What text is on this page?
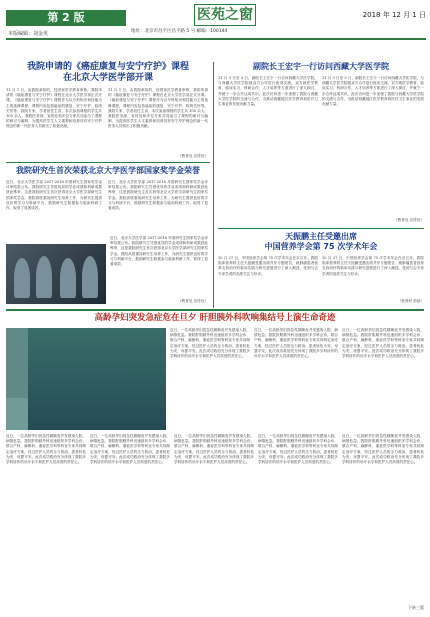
第 2 版
本版编辑：刘金英
医苑之窗	2018 年 12 月 1 日
地址：北京市昌平区昌平路 5 号 邮编：100144
我院申请的《癌症康复与安宁疗护》课程
在北京大学医学部开课
11 月 1 日，由我院承担的，经国家医学教育审核，我院申请的《癌症康复与安宁疗护》课程在北京大学医学部正式开课。《癌症康复与安宁疗护》课程作为以专科知识和技能为主的选修课程，课程内容包括癌症的康复、安宁疗护、临终关怀等。我院专家、学者担任主讲，本次参加课程的学生共 100 余人。我院医务部、宣传处和多位专家共同参与了课程的研讨与编制，为提高医学生人文素养和培养具有安宁疗护理念的新一代医务人员做出了积极贡献。
11 月 1 日，由我院承担的，经国家医学教育审核，我院申请的《癌症康复与安宁疗护》课程在北京大学医学部正式开课。《癌症康复与安宁疗护》课程作为以专科知识和技能为主的选修课程，课程内容包括癌症的康复、安宁疗护、临终关怀等。我院专家、学者担任主讲，本次参加课程的学生共 100 余人。我院医务部、宣传处和多位专家共同参与了课程的研讨与编制，为提高医学生人文素养和培养具有安宁疗护理念的新一代医务人员做出了积极贡献。
（教育处 宣传处）
我院研究生首次荣获北京大学医学部国家奖学金荣誉
近日，北京大学医学部 2017-2018 年度研究生国家奖学金评审结果公布。我院研究生凭借优异的学业成绩和科研成果获此殊荣，这是我院研究生首次获得北京大学医学部研究生国家奖学金。我院高度重视研究生培养工作，为研究生提供良好的学习与科研平台，鼓励研究生积极参与临床科研工作，取得了显著成效。
近日，北京大学医学部 2017-2018 年度研究生国家奖学金评审结果公布。我院研究生凭借优异的学业成绩和科研成果获此殊荣，这是我院研究生首次获得北京大学医学部研究生国家奖学金。我院高度重视研究生培养工作，为研究生提供良好的学习与科研平台，鼓励研究生积极参与临床科研工作，取得了显著成效。
近日，北京大学医学部 2017-2018 年度研究生国家奖学金评审结果公布。我院研究生凭借优异的学业成绩和科研成果获此殊荣，这是我院研究生首次获得北京大学医学部研究生国家奖学金。我院高度重视研究生培养工作，为研究生提供良好的学习与科研平台，鼓励研究生积极参与临床科研工作，取得了显著成效。
（教育处 宣传处）
副院长王宏宇一行访问西藏大学医学院
11 月 3 日至 5 日，副院长王宏宇一行访问西藏大学医学院，与西藏大学医学院就双方合作进行座谈交流。双方就医学教育、临床实习、科研合作、人才培养等方面进行了深入探讨，并就下一步合作达成共识。此次访问进一步加强了我院与西藏大学医学院的交流与合作，为推动西藏地区医学教育和医疗卫生事业的发展贡献力量。
11 月 3 日至 5 日，副院长王宏宇一行访问西藏大学医学院，与西藏大学医学院就双方合作进行座谈交流。双方就医学教育、临床实习、科研合作、人才培养等方面进行了深入探讨，并就下一步合作达成共识。此次访问进一步加强了我院与西藏大学医学院的交流与合作，为推动西藏地区医学教育和医疗卫生事业的发展贡献力量。
（教育处 宣传处）
天振鹏主任受邀出席
中国营养学会第 75 次学术年会
10 月 27 日，中国营养学会第 75 次学术年会在京召开。我院临床营养科主任天振鹏受邀出席并作专题报告，就肿瘤患者营养支持治疗的临床实践与研究进展进行了深入阐述，受到与会专家学者的高度关注与好评。
10 月 27 日，中国营养学会第 75 次学术年会在京召开。我院临床营养科主任天振鹏受邀出席并作专题报告，就肿瘤患者营养支持治疗的临床实践与研究进展进行了深入阐述，受到与会专家学者的高度关注与好评。
（营养科 彭蓓）
高龄孕妇突发急症危在旦夕 肝胆胰外科吹响集结号上演生命奇迹
近日，一位高龄孕妇因急性胰腺炎并发感染入院，病情危急。我院肝胆胰外科迅速组织多学科会诊，联合产科、麻醉科、重症医学科等科室专家共同制定治疗方案，经过医护人员的全力救治，患者转危为安，母婴平安。此次成功救治充分体现了我院多学科协作的诊疗水平和医护人员高度的责任心。
近日，一位高龄孕妇因急性胰腺炎并发感染入院，病情危急。我院肝胆胰外科迅速组织多学科会诊，联合产科、麻醉科、重症医学科等科室专家共同制定治疗方案，经过医护人员的全力救治，患者转危为安，母婴平安。此次成功救治充分体现了我院多学科协作的诊疗水平和医护人员高度的责任心。
近日，一位高龄孕妇因急性胰腺炎并发感染入院，病情危急。我院肝胆胰外科迅速组织多学科会诊，联合产科、麻醉科、重症医学科等科室专家共同制定治疗方案，经过医护人员的全力救治，患者转危为安，母婴平安。此次成功救治充分体现了我院多学科协作的诊疗水平和医护人员高度的责任心。
近日，一位高龄孕妇因急性胰腺炎并发感染入院，病情危急。我院肝胆胰外科迅速组织多学科会诊，联合产科、麻醉科、重症医学科等科室专家共同制定治疗方案，经过医护人员的全力救治，患者转危为安，母婴平安。此次成功救治充分体现了我院多学科协作的诊疗水平和医护人员高度的责任心。
近日，一位高龄孕妇因急性胰腺炎并发感染入院，病情危急。我院肝胆胰外科迅速组织多学科会诊，联合产科、麻醉科、重症医学科等科室专家共同制定治疗方案，经过医护人员的全力救治，患者转危为安，母婴平安。此次成功救治充分体现了我院多学科协作的诊疗水平和医护人员高度的责任心。
近日，一位高龄孕妇因急性胰腺炎并发感染入院，病情危急。我院肝胆胰外科迅速组织多学科会诊，联合产科、麻醉科、重症医学科等科室专家共同制定治疗方案，经过医护人员的全力救治，患者转危为安，母婴平安。此次成功救治充分体现了我院多学科协作的诊疗水平和医护人员高度的责任心。
近日，一位高龄孕妇因急性胰腺炎并发感染入院，病情危急。我院肝胆胰外科迅速组织多学科会诊，联合产科、麻醉科、重症医学科等科室专家共同制定治疗方案，经过医护人员的全力救治，患者转危为安，母婴平安。此次成功救治充分体现了我院多学科协作的诊疗水平和医护人员高度的责任心。
近日，一位高龄孕妇因急性胰腺炎并发感染入院，病情危急。我院肝胆胰外科迅速组织多学科会诊，联合产科、麻醉科、重症医学科等科室专家共同制定治疗方案，经过医护人员的全力救治，患者转危为安，母婴平安。此次成功救治充分体现了我院多学科协作的诊疗水平和医护人员高度的责任心。
下转三版
